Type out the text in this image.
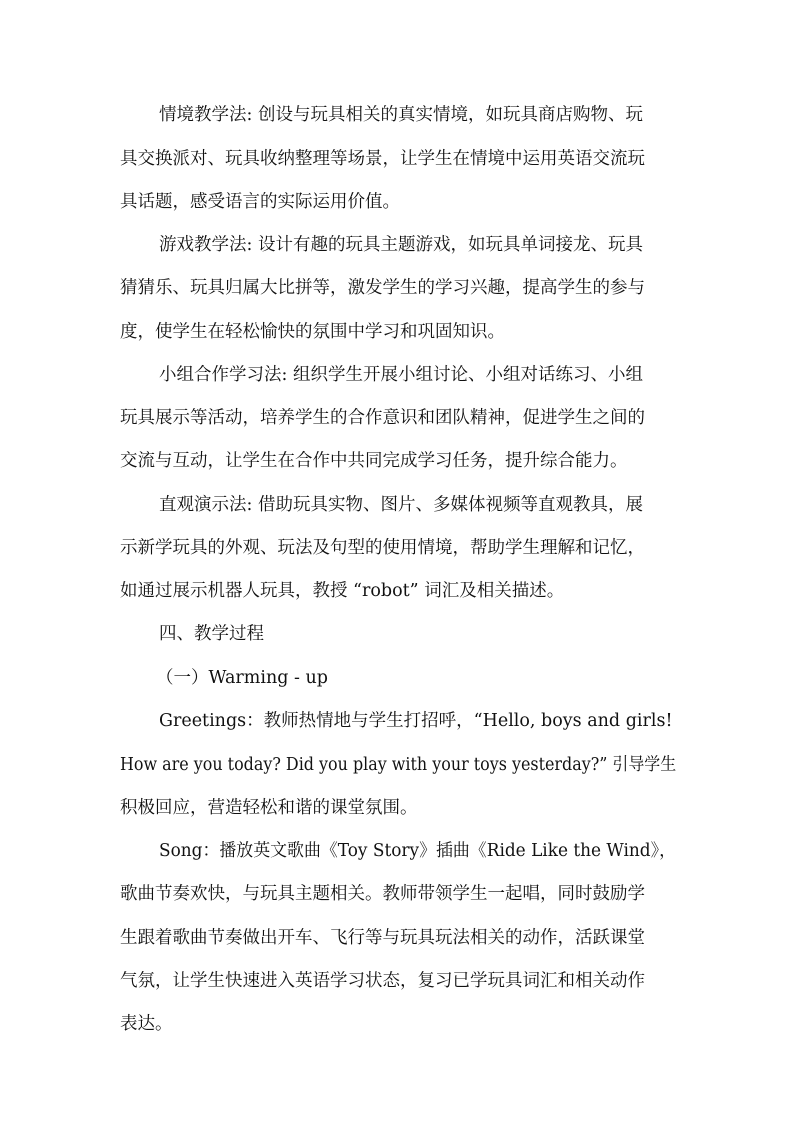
情境教学法: 创设与玩具相关的真实情境，如玩具商店购物、玩
具交换派对、玩具收纳整理等场景，让学生在情境中运用英语交流玩
具话题，感受语言的实际运用价值。
游戏教学法: 设计有趣的玩具主题游戏，如玩具单词接龙、玩具
猜猜乐、玩具归属大比拼等，激发学生的学习兴趣，提高学生的参与
度，使学生在轻松愉快的氛围中学习和巩固知识。
小组合作学习法: 组织学生开展小组讨论、小组对话练习、小组
玩具展示等活动，培养学生的合作意识和团队精神，促进学生之间的
交流与互动，让学生在合作中共同完成学习任务，提升综合能力。
直观演示法: 借助玩具实物、图片、多媒体视频等直观教具，展
示新学玩具的外观、玩法及句型的使用情境，帮助学生理解和记忆，
如通过展示机器人玩具，教授 “robot” 词汇及相关描述。
四、教学过程
（一）Warming - up
Greetings：教师热情地与学生打招呼，“Hello, boys and girls!
How are you today? Did you play with your toys yesterday?” 引导学生
积极回应，营造轻松和谐的课堂氛围。
Song：播放英文歌曲《Toy Story》插曲《Ride Like the Wind》，
歌曲节奏欢快，与玩具主题相关。教师带领学生一起唱，同时鼓励学
生跟着歌曲节奏做出开车、飞行等与玩具玩法相关的动作，活跃课堂
气氛，让学生快速进入英语学习状态，复习已学玩具词汇和相关动作
表达。
